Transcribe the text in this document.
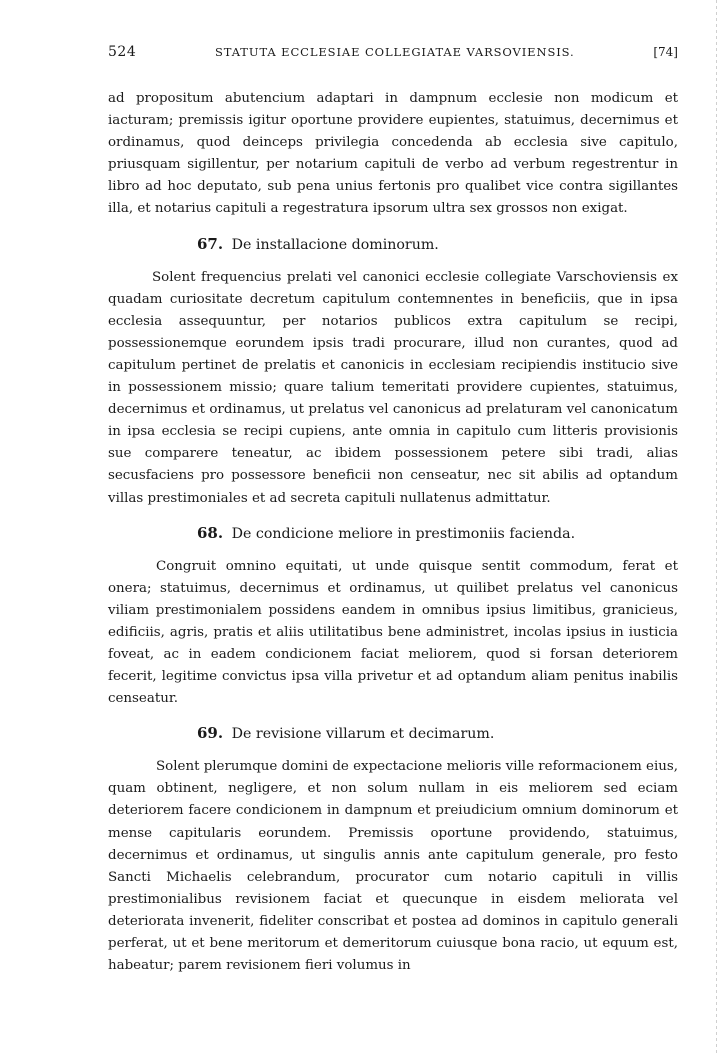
524	STATUTA ECCLESIAE COLLEGIATAE VARSOVIENSIS.	[74]

ad propositum abutencium adaptari in dampnum ecclesie non modicum et iacturam; premissis igitur oportune providere eupientes, statuimus, decernimus et ordinamus, quod deinceps privilegia concedenda ab ecclesia sive capitulo, priusquam sigillentur, per notarium capituli de verbo ad verbum regestrentur in libro ad hoc deputato, sub pena unius fertonis pro qualibet vice contra sigillantes illa, et notarius capituli a regestratura ipsorum ultra sex grossos non exigat.

67. De installacione dominorum.

Solent frequencius prelati vel canonici ecclesie collegiate Varschoviensis ex quadam curiositate decretum capitulum contemnentes in beneficiis, que in ipsa ecclesia assequuntur, per notarios publicos extra capitulum se recipi, possessionemque eorundem ipsis tradi procurare, illud non curantes, quod ad capitulum pertinet de prelatis et canonicis in ecclesiam recipiendis institucio sive in possessionem missio; quare talium temeritati providere cupientes, statuimus, decernimus et ordinamus, ut prelatus vel canonicus ad prelaturam vel canonicatum in ipsa ecclesia se recipi cupiens, ante omnia in capitulo cum litteris provisionis sue comparere teneatur, ac ibidem possessionem petere sibi tradi, alias secusfaciens pro possessore beneficii non censeatur, nec sit abilis ad optandum villas prestimoniales et ad secreta capituli nullatenus admittatur.

68. De condicione meliore in prestimoniis facienda.

Congruit omnino equitati, ut unde quisque sentit commodum, ferat et onera; statuimus, decernimus et ordinamus, ut quilibet prelatus vel canonicus viliam prestimonialem possidens eandem in omnibus ipsius limitibus, granicieus, edificiis, agris, pratis et aliis utilitatibus bene administret, incolas ipsius in iusticia foveat, ac in eadem condicionem faciat meliorem, quod si forsan deteriorem fecerit, legitime convictus ipsa villa privetur et ad optandum aliam penitus inabilis censeatur.

69. De revisione villarum et decimarum.

Solent plerumque domini de expectacione melioris ville reformacionem eius, quam obtinent, negligere, et non solum nullam in eis meliorem sed eciam deteriorem facere condicionem in dampnum et preiudicium omnium dominorum et mense capitularis eorundem. Premissis oportune providendo, statuimus, decernimus et ordinamus, ut singulis annis ante capitulum generale, pro festo Sancti Michaelis celebrandum, procurator cum notario capituli in villis prestimonialibus revisionem faciat et quecunque in eisdem meliorata vel deteriorata invenerit, fideliter conscribat et postea ad dominos in capitulo generali perferat, ut et bene meritorum et demeritorum cuiusque bona racio, ut equum est, habeatur; parem revisionem fieri volumus in
